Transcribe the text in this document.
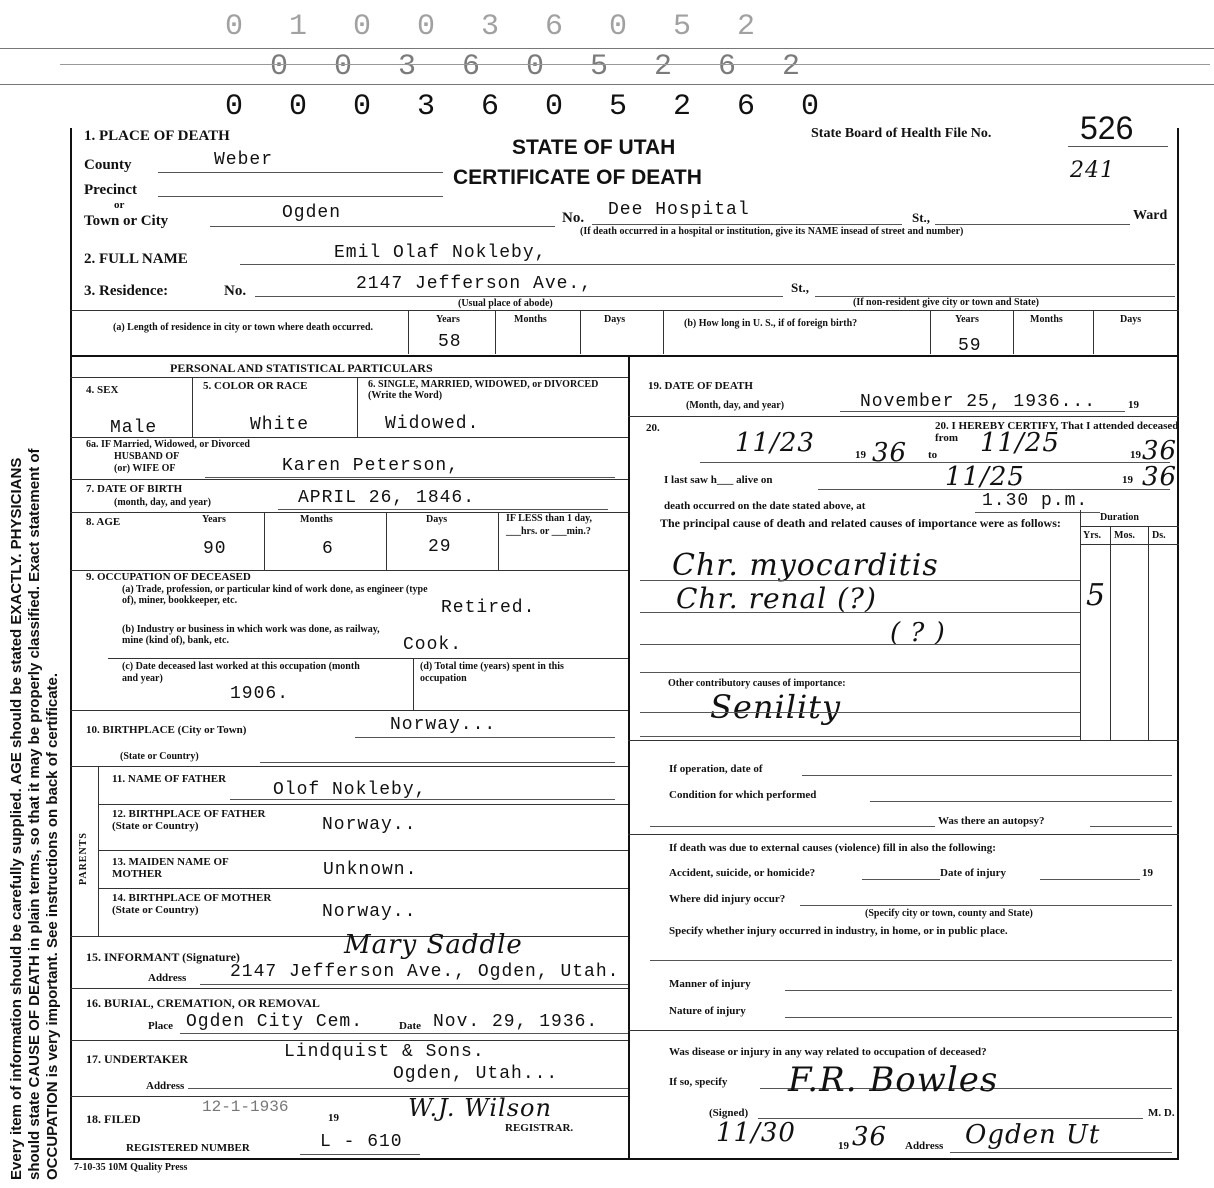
0 1 0 0 3 6 0 5 2
0 0 3 6 0 5 2 6 2
0 0 0 3 6 0 5 2 6 0
Every item of information should be carefully supplied. AGE should be stated EXACTLY. PHYSICIANS should state CAUSE OF DEATH in plain terms, so that it may be properly classified. Exact statement of OCCUPATION is very important. See instructions on back of certificate.
1. PLACE OF DEATH	STATE OF UTAH
CERTIFICATE OF DEATH
State Board of Health File No.	526
241
County	Weber
Precinct
or
Town or City	Ogden	No. Dee Hospital	St.,	Ward
(If death occurred in a hospital or institution, give its NAME insead of street and number)
2. FULL NAME	Emil Olaf Nokleby,
3. Residence:	No.	2147 Jefferson Ave.,	St.,
(Usual place of abode)	(If non-resident give city or town and State)
(a) Length of residence in city or town where death occurred.
Years	Months	Days
58
(b) How long in U. S., if of foreign birth?	Years	Months	Days
59
PERSONAL AND STATISTICAL PARTICULARS
4. SEX	5. COLOR OR RACE	6. SINGLE, MARRIED, WIDOWED, or DIVORCED (Write the Word)
Male	White	Widowed.
6a. IF Married, Widowed, or Divorced
HUSBAND OF
(or) WIFE OF	Karen Peterson,
7. DATE OF BIRTH
(month, day, and year)	APRIL 26, 1846.
8. AGE	Years	Months	Days
90	6	29
IF LESS than 1 day, ___hrs. or ___min.?
9. OCCUPATION OF DECEASED
(a) Trade, profession, or particular kind of work done, as engineer (type of), miner, bookkeeper, etc.	Retired.
(b) Industry or business in which work was done, as railway, mine (kind of), bank, etc.	Cook.
(c) Date deceased last worked at this occupation (month and year)
1906.
(d) Total time (years) spent in this occupation
10. BIRTHPLACE (City or Town)	Norway...
(State or Country)
PARENTS
11. NAME OF FATHER
Olof Nokleby,
12. BIRTHPLACE OF FATHER (State or Country)	Norway..
13. MAIDEN NAME OF MOTHER	Unknown.
14. BIRTHPLACE OF MOTHER (State or Country)	Norway..
15. INFORMANT (Signature)	Mary Saddle
Address 2147 Jefferson Ave., Ogden, Utah.
16. BURIAL, CREMATION, OR REMOVAL
Place Ogden City Cem.	Date Nov. 29, 1936.
17. UNDERTAKER	Lindquist & Sons.
Address
Ogden, Utah...
18. FILED
12-1-1936
19	W.J. Wilson
REGISTRAR.
REGISTERED NUMBER	L - 610
19. DATE OF DEATH
(Month, day, and year)	November 25, 1936...	19
20.	20. I HEREBY CERTIFY, That I attended deceased from
11/23	19 36 to 11/25	19 36
I last saw h___ alive on	11/25	19 36
death occurred on the date stated above, at	1.30 p.m.
The principal cause of death and related causes of importance were as follows:	Duration
Yrs. Mos. Ds.
Chr. myocarditis
Chr. renal (?)
( ? )
5
Other contributory causes of importance:
Senility
If operation, date of
Condition for which performed
Was there an autopsy?
If death was due to external causes (violence) fill in also the following:
Accident, suicide, or homicide?	Date of injury	19
Where did injury occur?
(Specify city or town, county and State)
Specify whether injury occurred in industry, in home, or in public place.
Manner of injury
Nature of injury
Was disease or injury in any way related to occupation of deceased?
If so, specify F.R. Bowles
(Signed)	M. D.
11/30	19 36 Address Ogden Ut
7-10-35 10M Quality Press
